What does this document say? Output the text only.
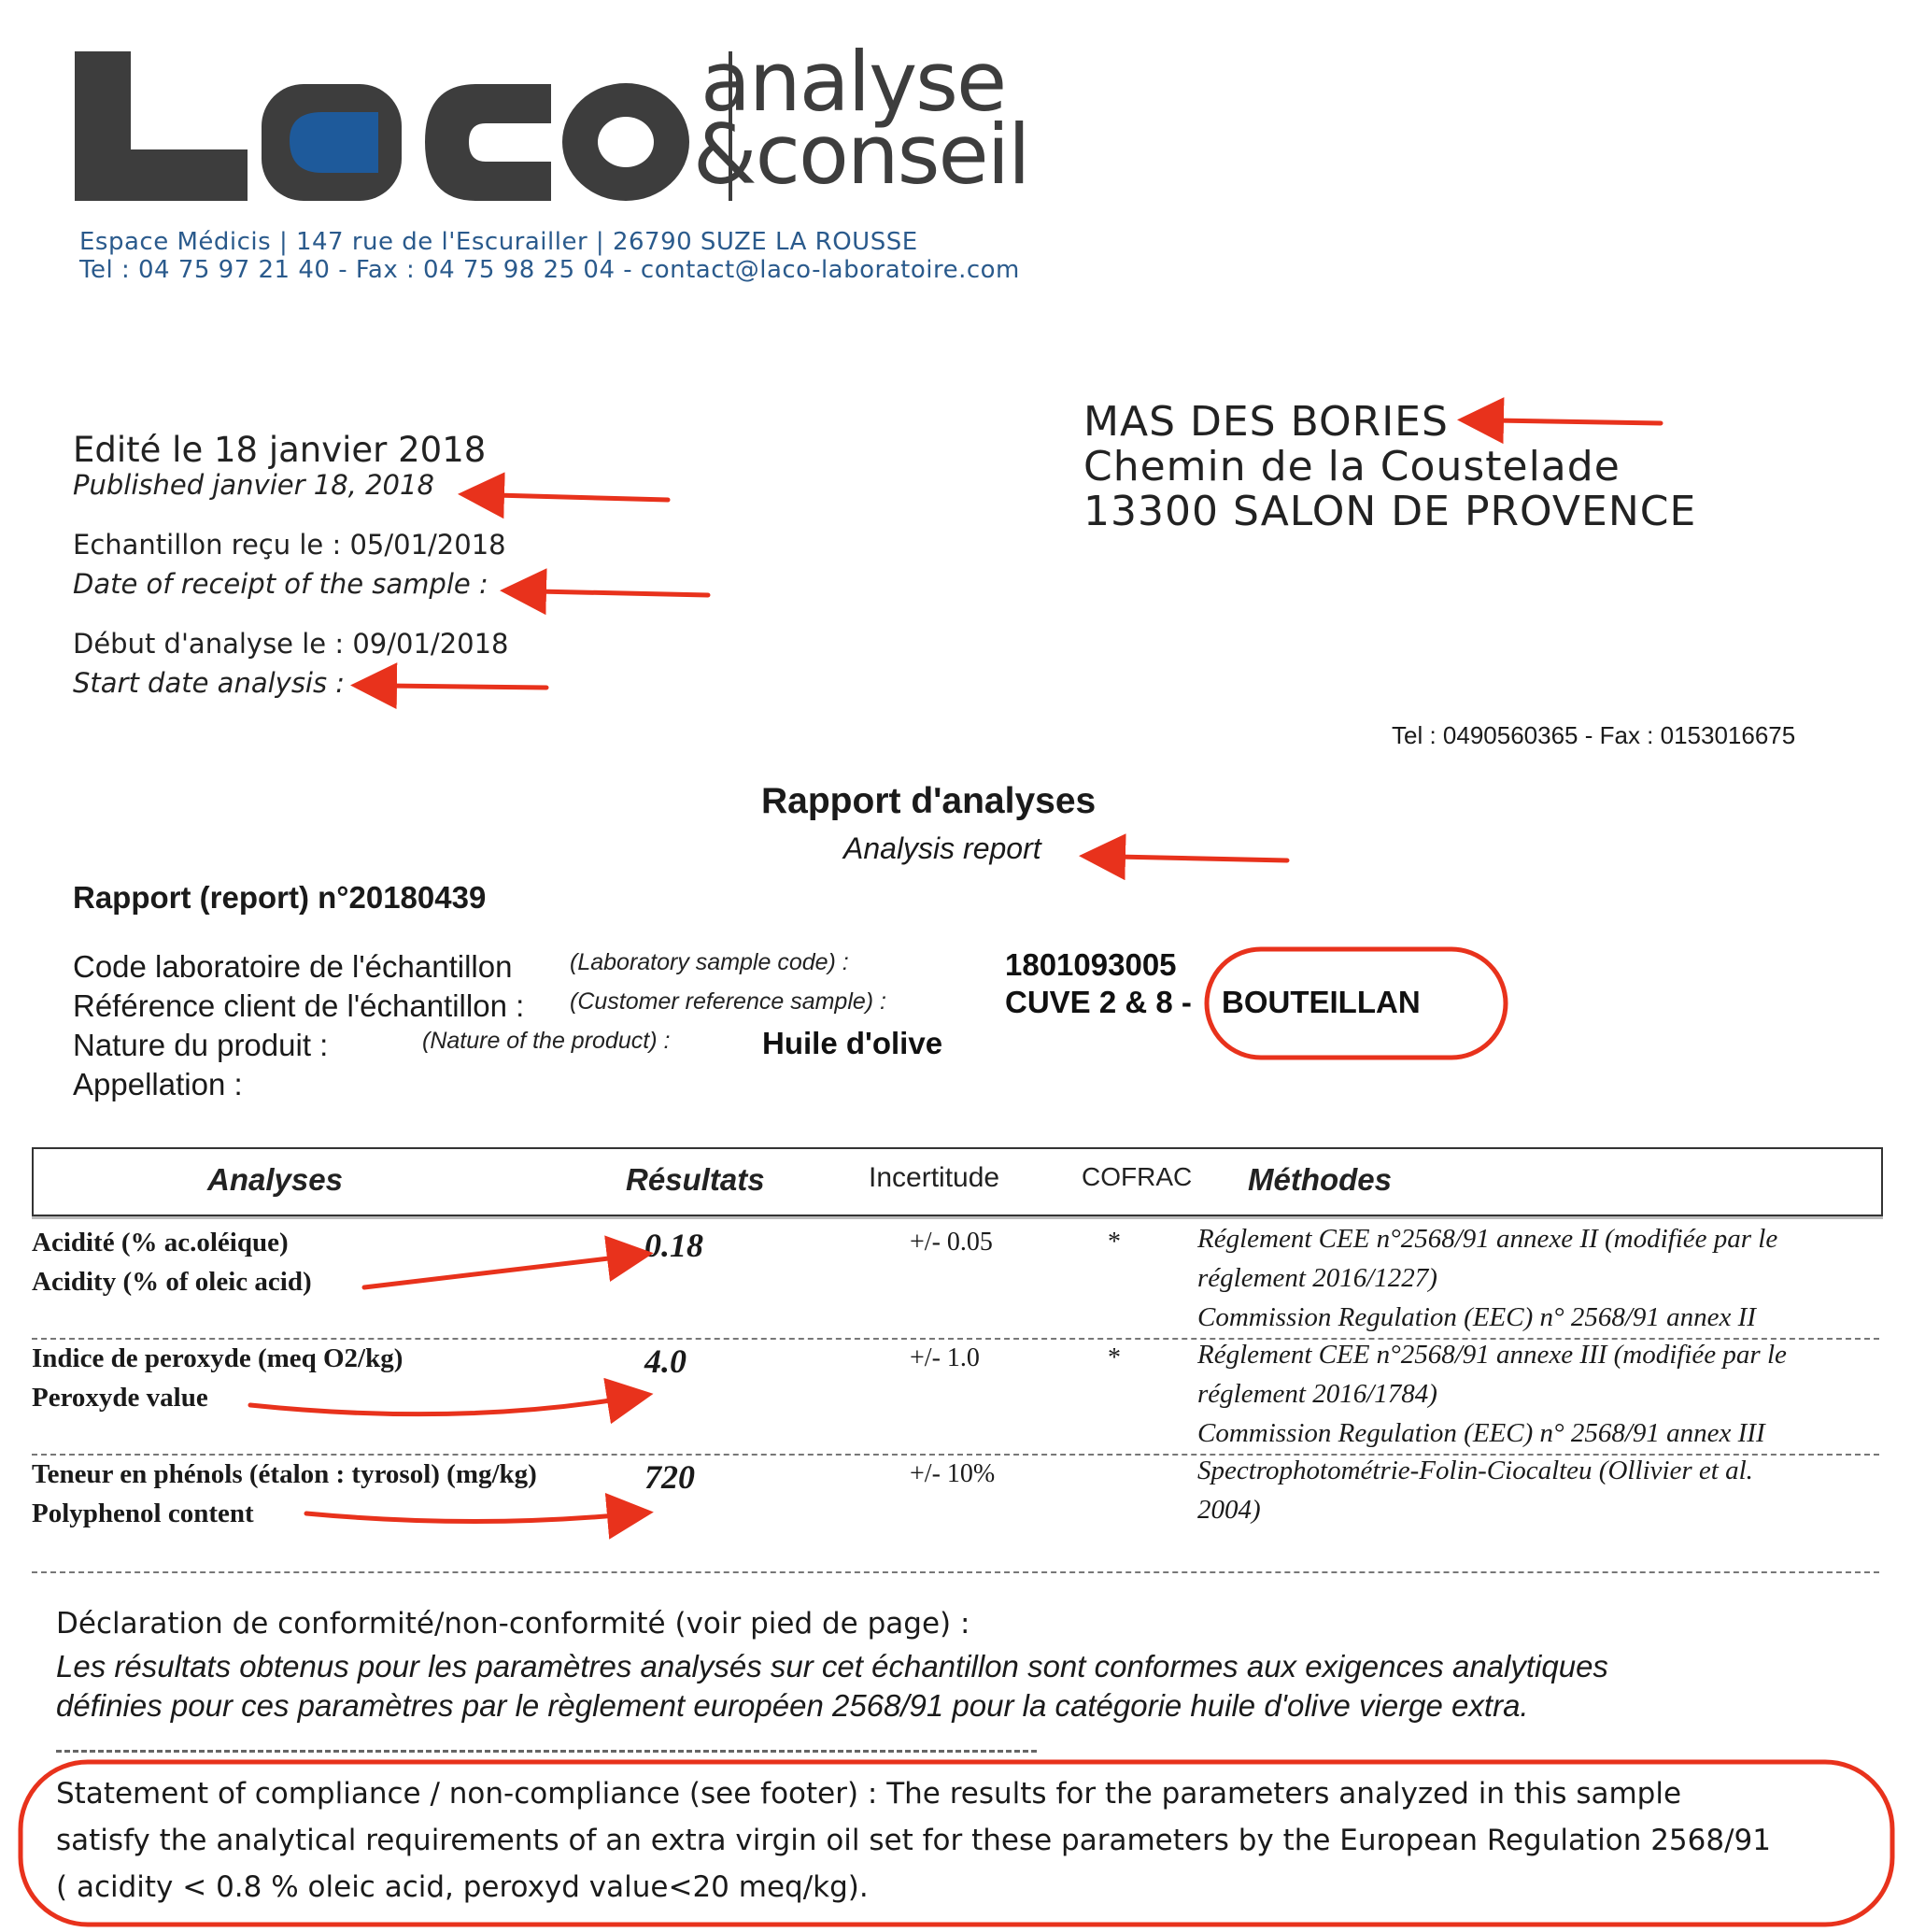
analyse
&conseil
Espace Médicis | 147 rue de l'Escurailler | 26790 SUZE LA ROUSSE
Tel : 04 75 97 21 40 - Fax : 04 75 98 25 04 - contact@laco-laboratoire.com
Edité le 18 janvier 2018
Published janvier 18, 2018
Echantillon reçu le : 05/01/2018
Date of receipt of the sample :
Début d'analyse le : 09/01/2018
Start date analysis :
MAS DES BORIES
Chemin de la Coustelade
13300 SALON DE PROVENCE
Tel : 0490560365 - Fax : 0153016675
Rapport d'analyses
Analysis report
Rapport (report) n°20180439
Code laboratoire de l'échantillon (Laboratory sample code) :	1801093005
Référence client de l'échantillon : (Customer reference sample) :	CUVE 2 & 8 - BOUTEILLAN
Nature du produit :	(Nature of the product) :	Huile d'olive
Appellation :
Analyses	Résultats	Incertitude	COFRAC Méthodes
Acidité (% ac.oléique)
Acidity (% of oleic acid)
0.18	+/- 0.05	*	Réglement CEE n°2568/91 annexe II (modifiée par le
réglement 2016/1227)
Commission Regulation (EEC) n° 2568/91 annex II
Indice de peroxyde (meq O2/kg)
Peroxyde value
4.0	+/- 1.0	*	Réglement CEE n°2568/91 annexe III (modifiée par le
réglement 2016/1784)
Commission Regulation (EEC) n° 2568/91 annex III
Teneur en phénols (étalon : tyrosol) (mg/kg)
Polyphenol content
720	+/- 10%	Spectrophotométrie-Folin-Ciocalteu (Ollivier et al.
2004)
Déclaration de conformité/non-conformité (voir pied de page) :
Les résultats obtenus pour les paramètres analysés sur cet échantillon sont conformes aux exigences analytiques
définies pour ces paramètres par le règlement européen 2568/91 pour la catégorie huile d'olive vierge extra.
Statement of compliance / non-compliance (see footer) : The results for the parameters analyzed in this sample
satisfy the analytical requirements of an extra virgin oil set for these parameters by the European Regulation 2568/91
( acidity < 0.8 % oleic acid, peroxyd value<20 meq/kg).
